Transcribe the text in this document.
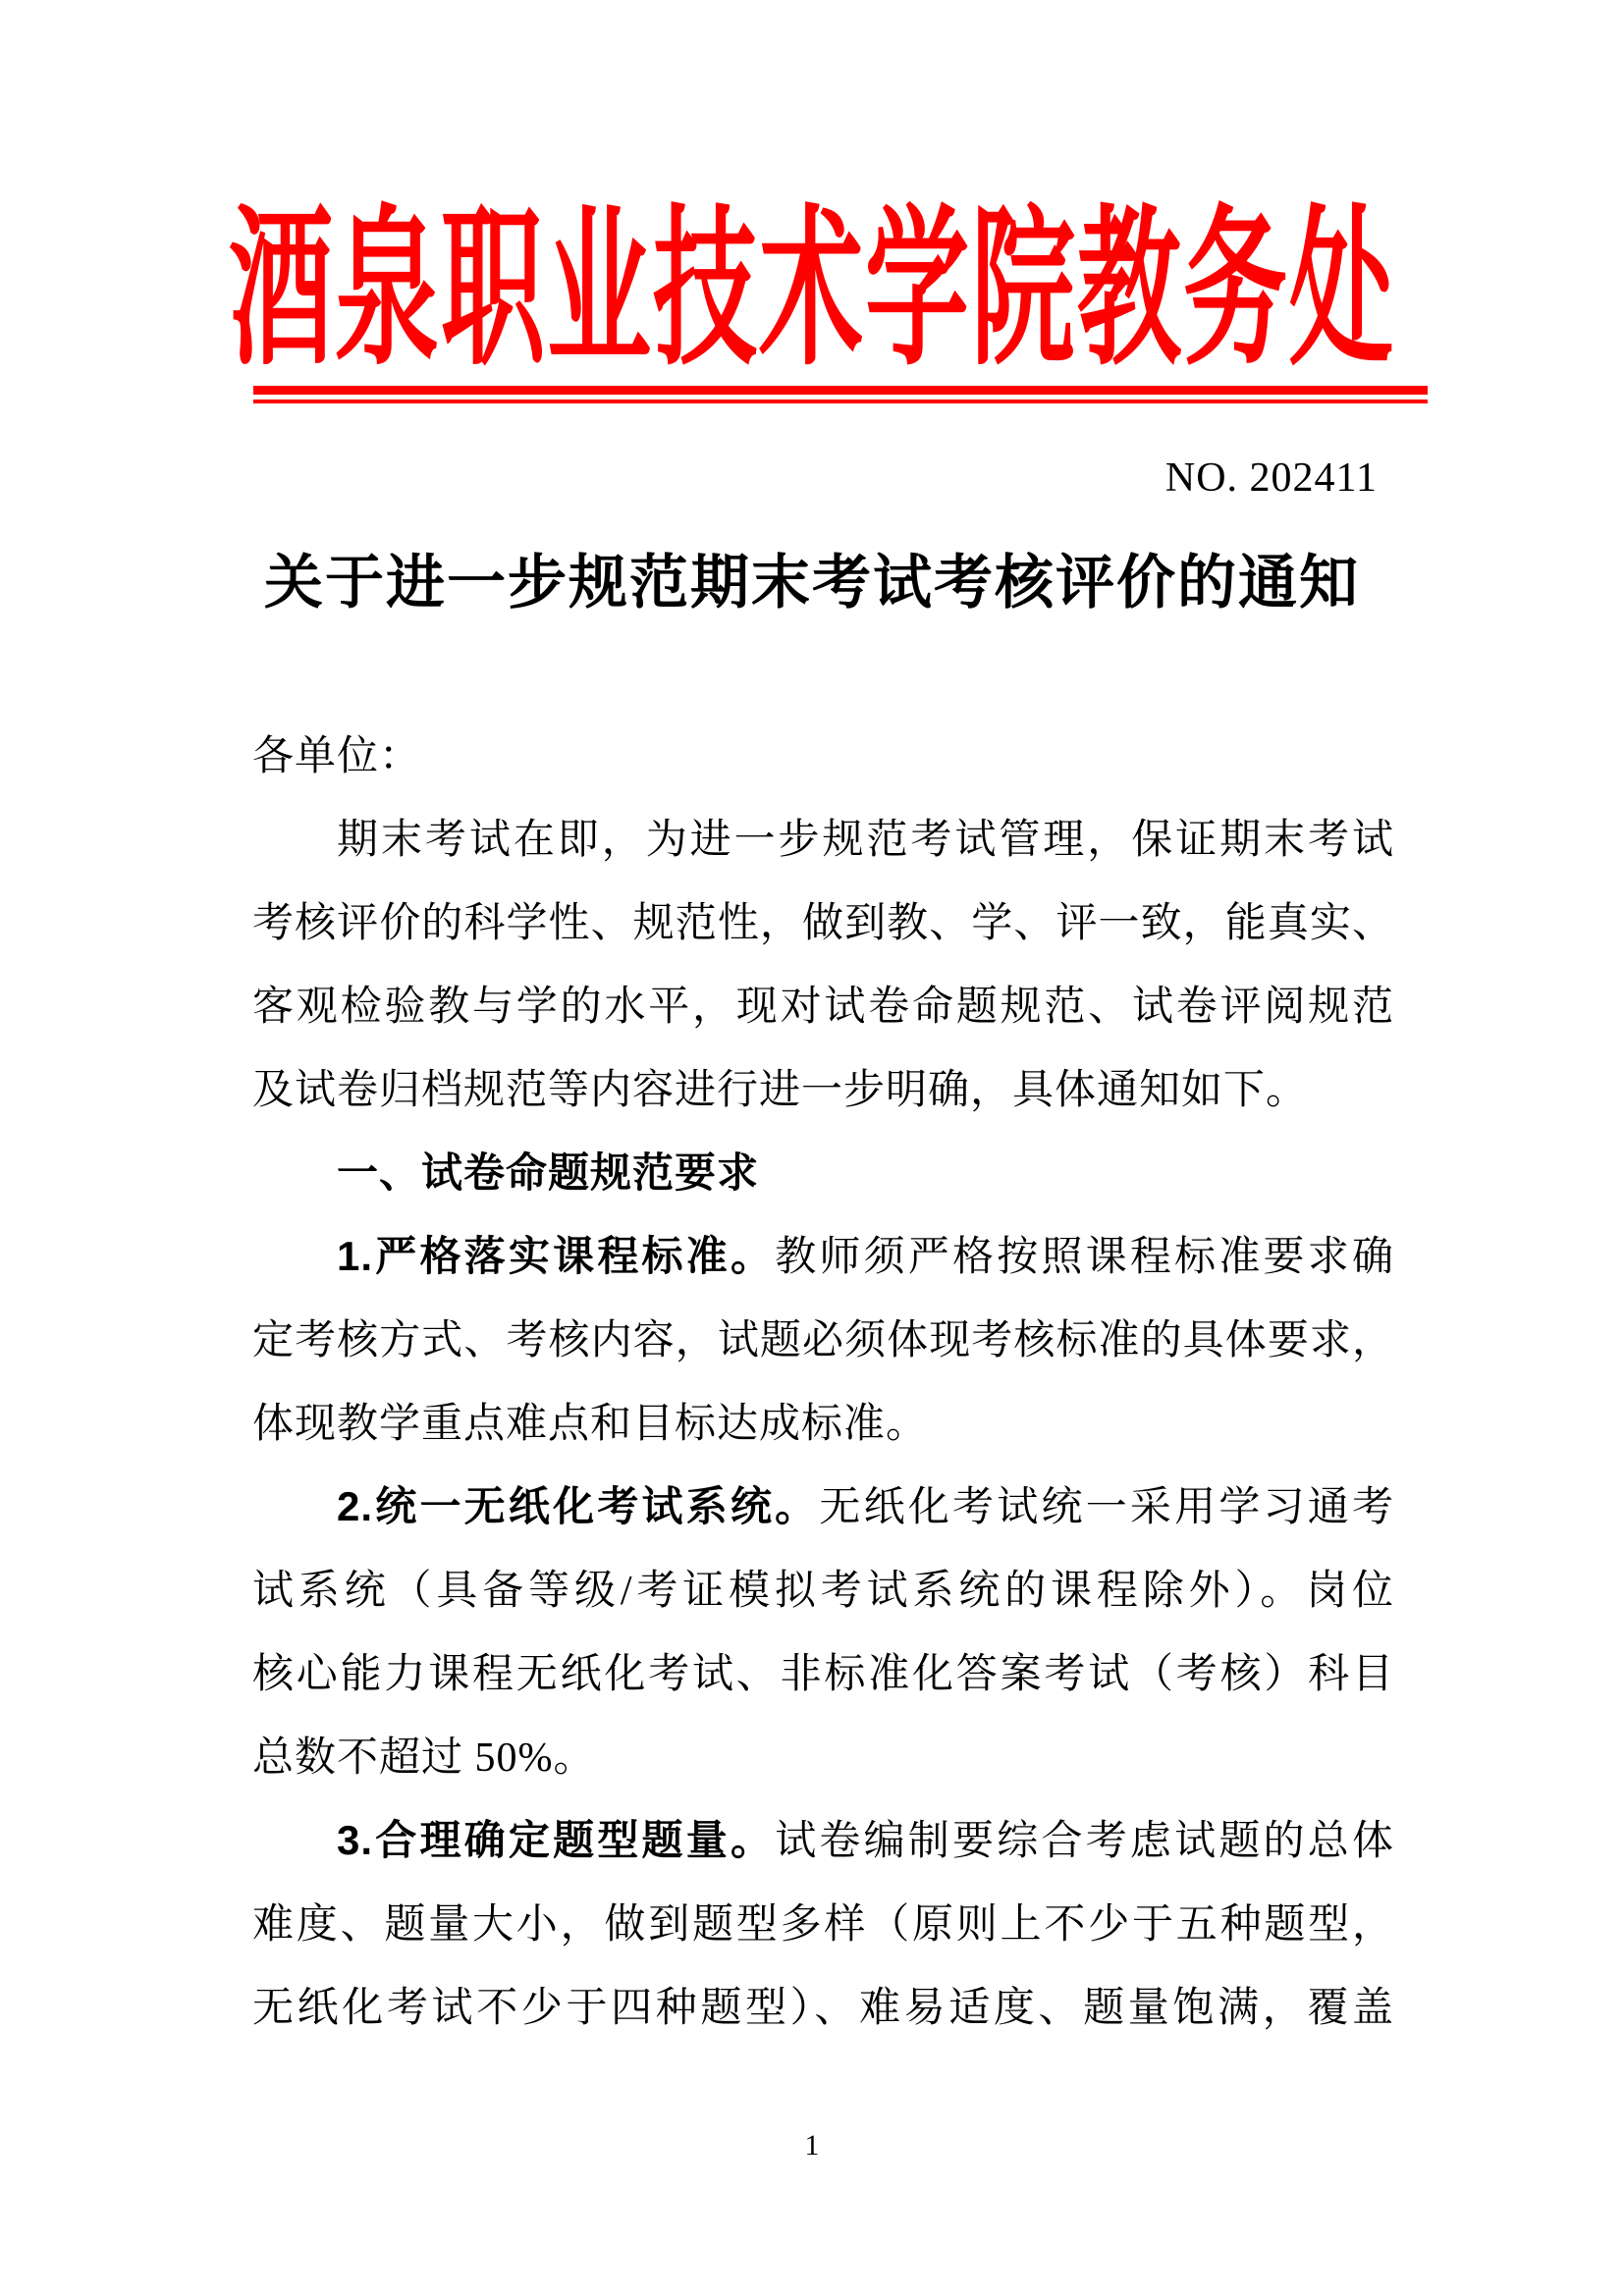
酒泉职业技术学院教务处
NO. 202411
关于进一步规范期末考试考核评价的通知
各单位：
期末考试在即，为进一步规范考试管理，保证期末考试
考核评价的科学性、规范性，做到教、学、评一致，能真实、
客观检验教与学的水平，现对试卷命题规范、试卷评阅规范
及试卷归档规范等内容进行进一步明确，具体通知如下。
一、试卷命题规范要求
1.严格落实课程标准。教师须严格按照课程标准要求确
定考核方式、考核内容，试题必须体现考核标准的具体要求，
体现教学重点难点和目标达成标准。
2.统一无纸化考试系统。无纸化考试统一采用学习通考
试系统（具备等级/考证模拟考试系统的课程除外）。岗位
核心能力课程无纸化考试、非标准化答案考试（考核）科目
总数不超过 50%。
3.合理确定题型题量。试卷编制要综合考虑试题的总体
难度、题量大小，做到题型多样（原则上不少于五种题型，
无纸化考试不少于四种题型）、难易适度、题量饱满，覆盖
1
